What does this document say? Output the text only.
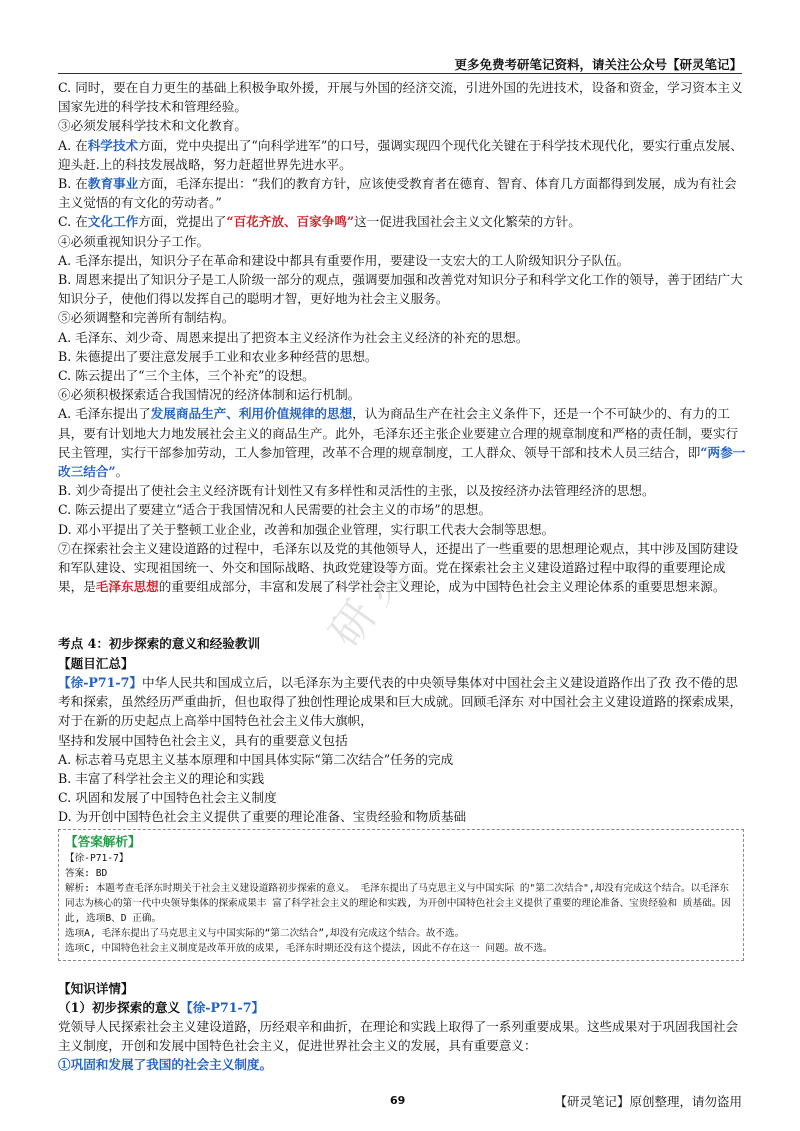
更多免费考研笔记资料，请关注公众号【研灵笔记】
研灵

C. 同时，要在自力更生的基础上积极争取外援，开展与外国的经济交流，引进外国的先进技术，设备和资金，学习资本主义国家先进的科学技术和管理经验。

③必须发展科学技术和文化教育。

A. 在科学技术方面，党中央提出了“向科学进军”的口号，强调实现四个现代化关键在于科学技术现代化，要实行重点发展、迎头赶.上的科技发展战略，努力赶超世界先进水平。

B. 在教育事业方面，毛泽东提出：“我们的教育方针，应该使受教育者在德育、智育、体育几方面都得到发展，成为有社会主义觉悟的有文化的劳动者。”

C. 在文化工作方面，党提出了“百花齐放、百家争鸣”这一促进我国社会主义文化繁荣的方针。

④必须重视知识分子工作。

A. 毛泽东提出，知识分子在革命和建设中都具有重要作用，要建设一支宏大的工人阶级知识分子队伍。

B. 周恩来提出了知识分子是工人阶级一部分的观点，强调要加强和改善党对知识分子和科学文化工作的领导，善于团结广大知识分子，使他们得以发挥自己的聪明才智，更好地为社会主义服务。

⑤必须调整和完善所有制结构。

A. 毛泽东、刘少奇、周恩来提出了把资本主义经济作为社会主义经济的补充的思想。

B. 朱德提出了要注意发展手工业和农业多种经营的思想。

C. 陈云提出了“三个主体，三个补充”的设想。

⑥必须积极探索适合我国情况的经济体制和运行机制。

A. 毛泽东提出了发展商品生产、利用价值规律的思想，认为商品生产在社会主义条件下，还是一个不可缺少的、有力的工具，要有计划地大力地发展社会主义的商品生产。此外，毛泽东还主张企业要建立合理的规章制度和严格的责任制，要实行民主管理，实行干部参加劳动，工人参加管理，改革不合理的规章制度，工人群众、领导干部和技术人员三结合，即“两参一改三结合”。

B. 刘少奇提出了使社会主义经济既有计划性又有多样性和灵活性的主张，以及按经济办法管理经济的思想。

C. 陈云提出了要建立“适合于我国情况和人民需要的社会主义的市场”的思想。

D. 邓小平提出了关于整顿工业企业，改善和加强企业管理，实行职工代表大会制等思想。

⑦在探索社会主义建设道路的过程中，毛泽东以及党的其他领导人，还提出了一些重要的思想理论观点，其中涉及国防建设和军队建设、实现祖国统一、外交和国际战略、执政党建设等方面。党在探索社会主义建设道路过程中取得的重要理论成果，是毛泽东思想的重要组成部分，丰富和发展了科学社会主义理论，成为中国特色社会主义理论体系的重要思想来源。

考点 4：初步探索的意义和经验教训

【题目汇总】

【徐-P71-7】中华人民共和国成立后，以毛泽东为主要代表的中央领导集体对中国社会主义建设道路作出了孜 孜不倦的思考和探索，虽然经历严重曲折，但也取得了独创性理论成果和巨大成就。回顾毛泽东 对中国社会主义建设道路的探索成果，对于在新的历史起点上高举中国特色社会主义伟大旗帜，

坚持和发展中国特色社会主义，具有的重要意义包括

A. 标志着马克思主义基本原理和中国具体实际“第二次结合”任务的完成

B. 丰富了科学社会主义的理论和实践

C. 巩固和发展了中国特色社会主义制度

D. 为开创中国特色社会主义提供了重要的理论准备、宝贵经验和物质基础

【答案解析】
【徐-P71-7】
答案: BD
解析: 本题考查毛泽东时期关于社会主义建设道路初步探索的意义。 毛泽东提出了马克思主义与中国实际 的"第二次结合",却没有完成这个结合。以毛泽东同志为核心的第一代中央领导集体的探索成果丰 富了科学社会主义的理论和实践, 为开创中国特色社会主义提供了重要的理论准备、宝贵经验和 质基础。因此, 选项B、D 正确。
选项A, 毛泽东提出了马克思主义与中国实际的“第二次结合”,却没有完成这个结合。故不选。
选项C, 中国特色社会主义制度是改革开放的成果, 毛泽东时期还没有这个提法, 因此不存在这一 问题。故不选。

【知识详情】

（1）初步探索的意义【徐-P71-7】

党领导人民探索社会主义建设道路，历经艰辛和曲折，在理论和实践上取得了一系列重要成果。这些成果对于巩固我国社会主义制度，开创和发展中国特色社会主义，促进世界社会主义的发展，具有重要意义：

①巩固和发展了我国的社会主义制度。

69	【研灵笔记】原创整理，请勿盗用
